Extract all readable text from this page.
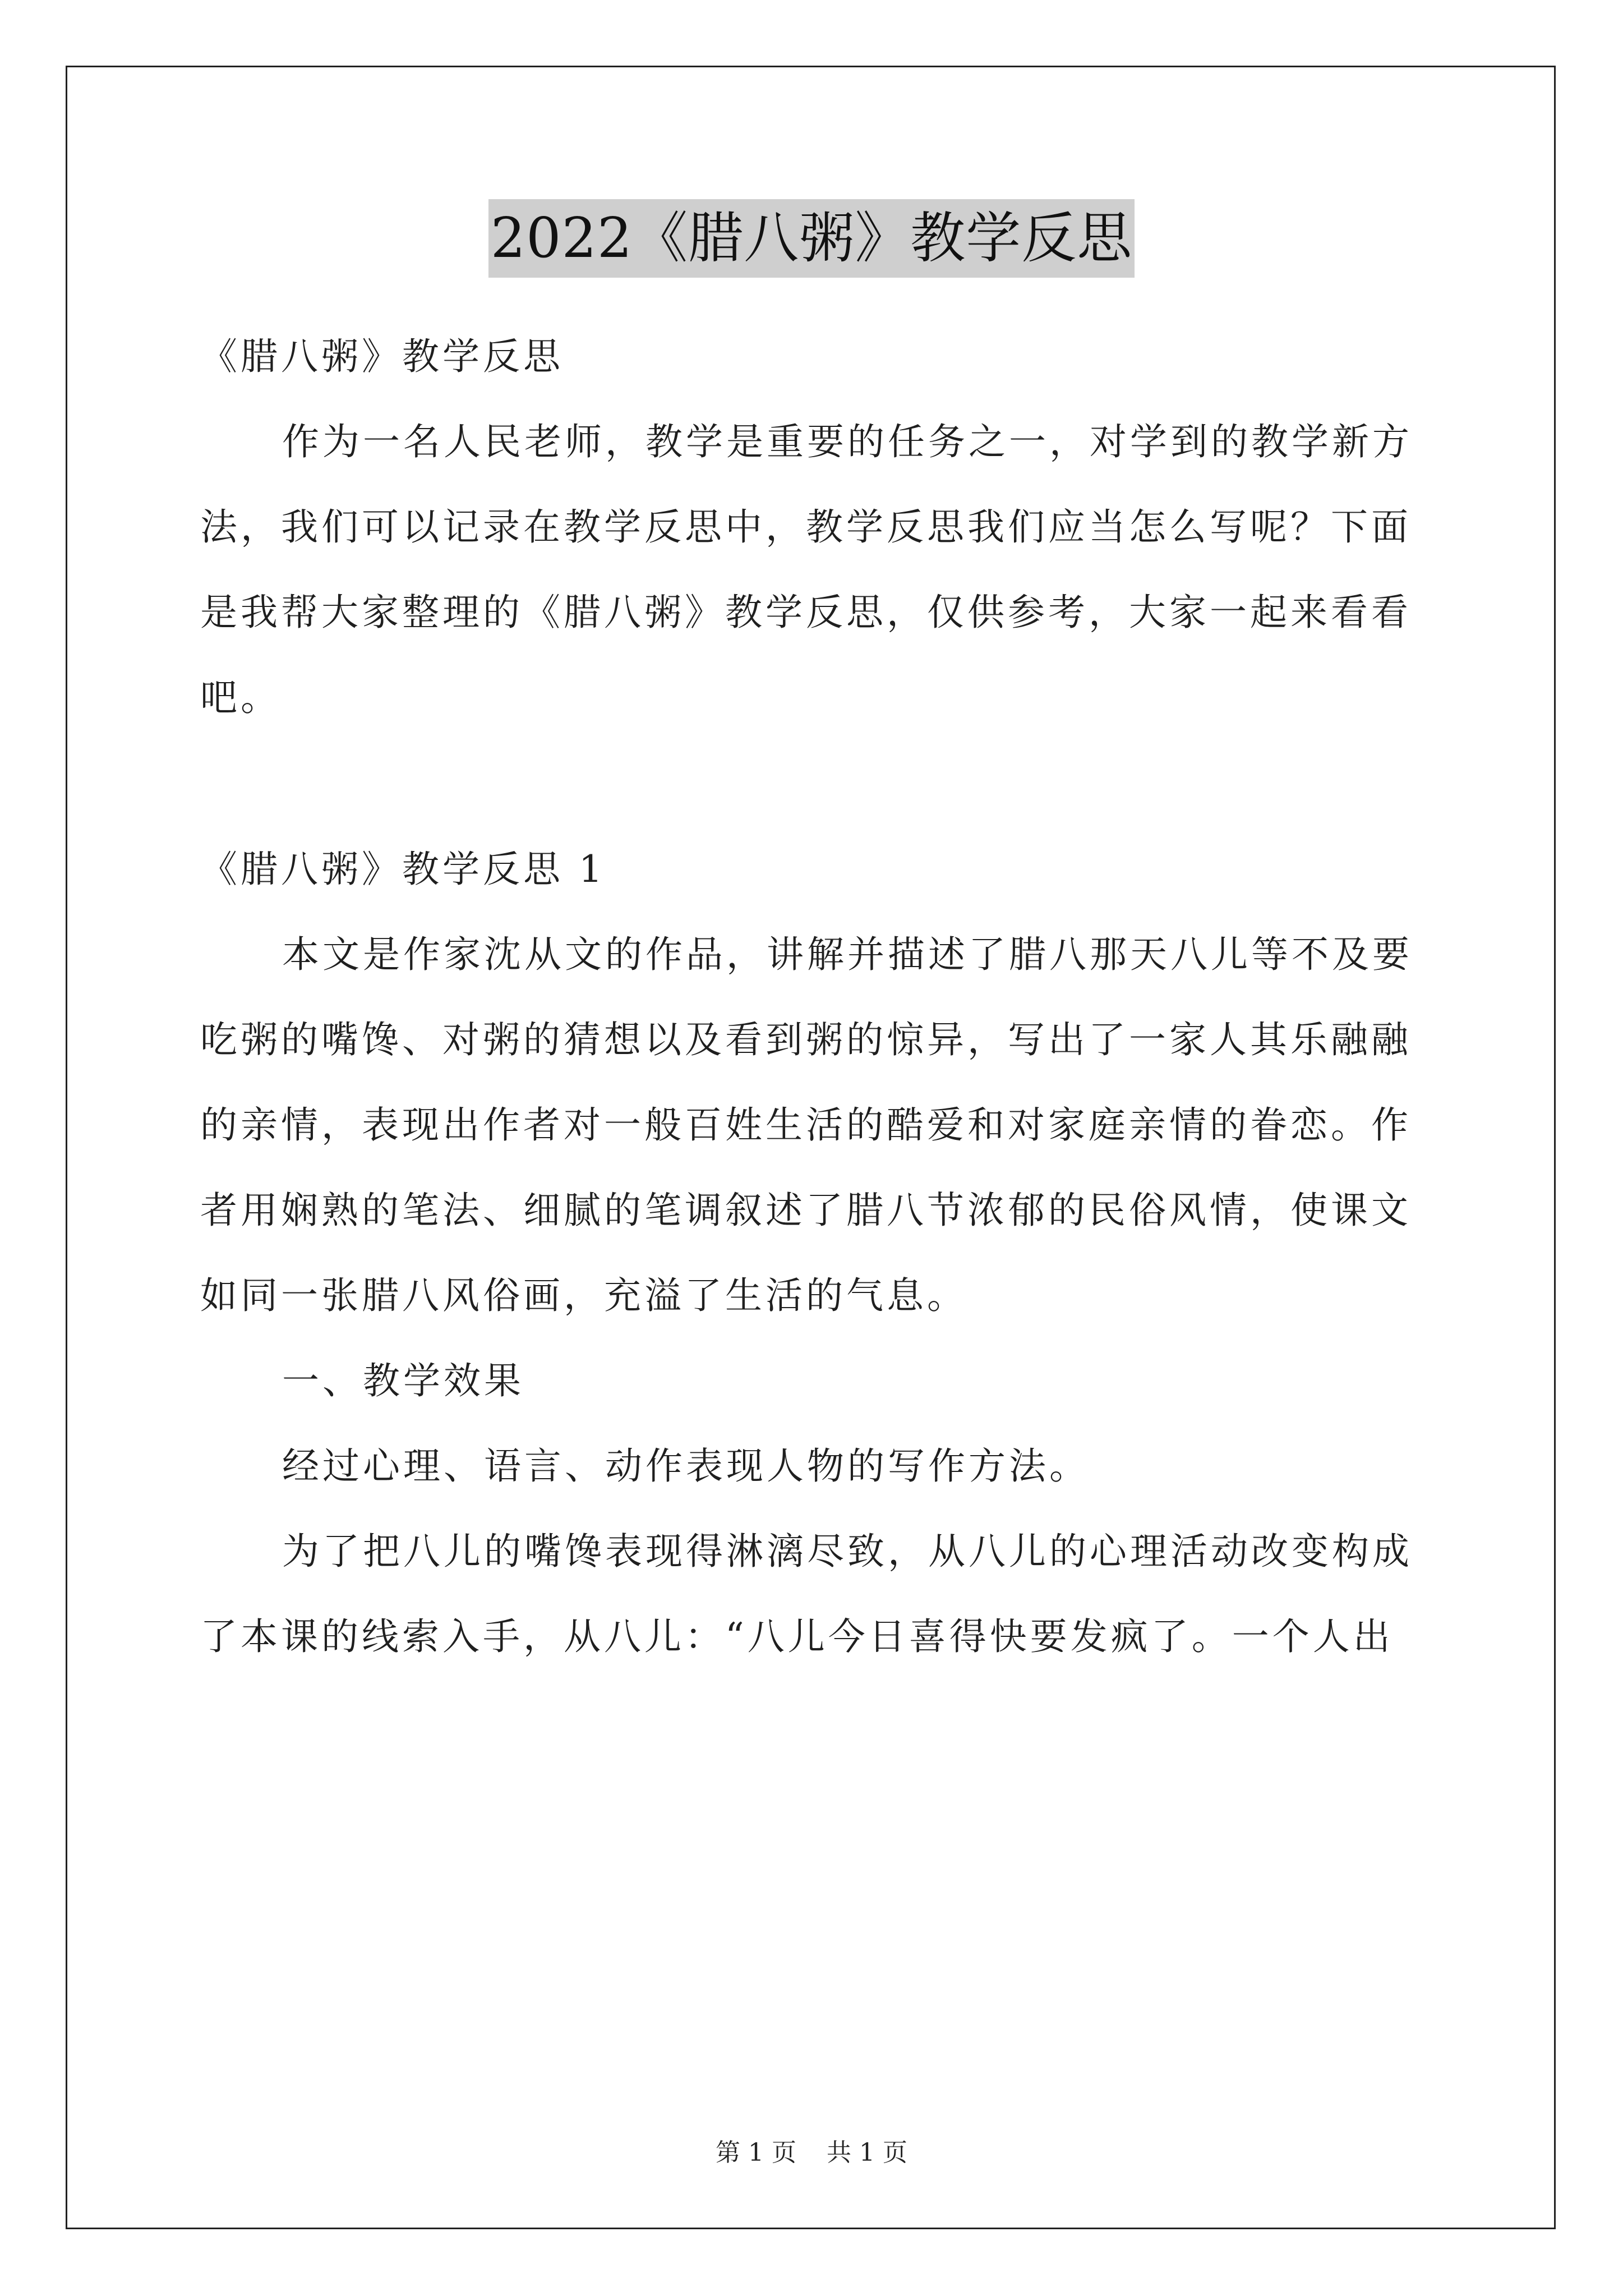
2022《腊八粥》教学反思
《腊八粥》教学反思
作为一名人民老师，教学是重要的任务之一，对学到的教学新方
法，我们可以记录在教学反思中，教学反思我们应当怎么写呢？下面
是我帮大家整理的《腊八粥》教学反思，仅供参考，大家一起来看看
吧。
《腊八粥》教学反思 1
本文是作家沈从文的作品，讲解并描述了腊八那天八儿等不及要
吃粥的嘴馋、对粥的猜想以及看到粥的惊异，写出了一家人其乐融融
的亲情，表现出作者对一般百姓生活的酷爱和对家庭亲情的眷恋。作
者用娴熟的笔法、细腻的笔调叙述了腊八节浓郁的民俗风情，使课文
如同一张腊八风俗画，充溢了生活的气息。
一、教学效果
经过心理、语言、动作表现人物的写作方法。
为了把八儿的嘴馋表现得淋漓尽致，从八儿的心理活动改变构成
了本课的线索入手，从八儿：“八儿今日喜得快要发疯了。一个人出
第 1 页 共 1 页
